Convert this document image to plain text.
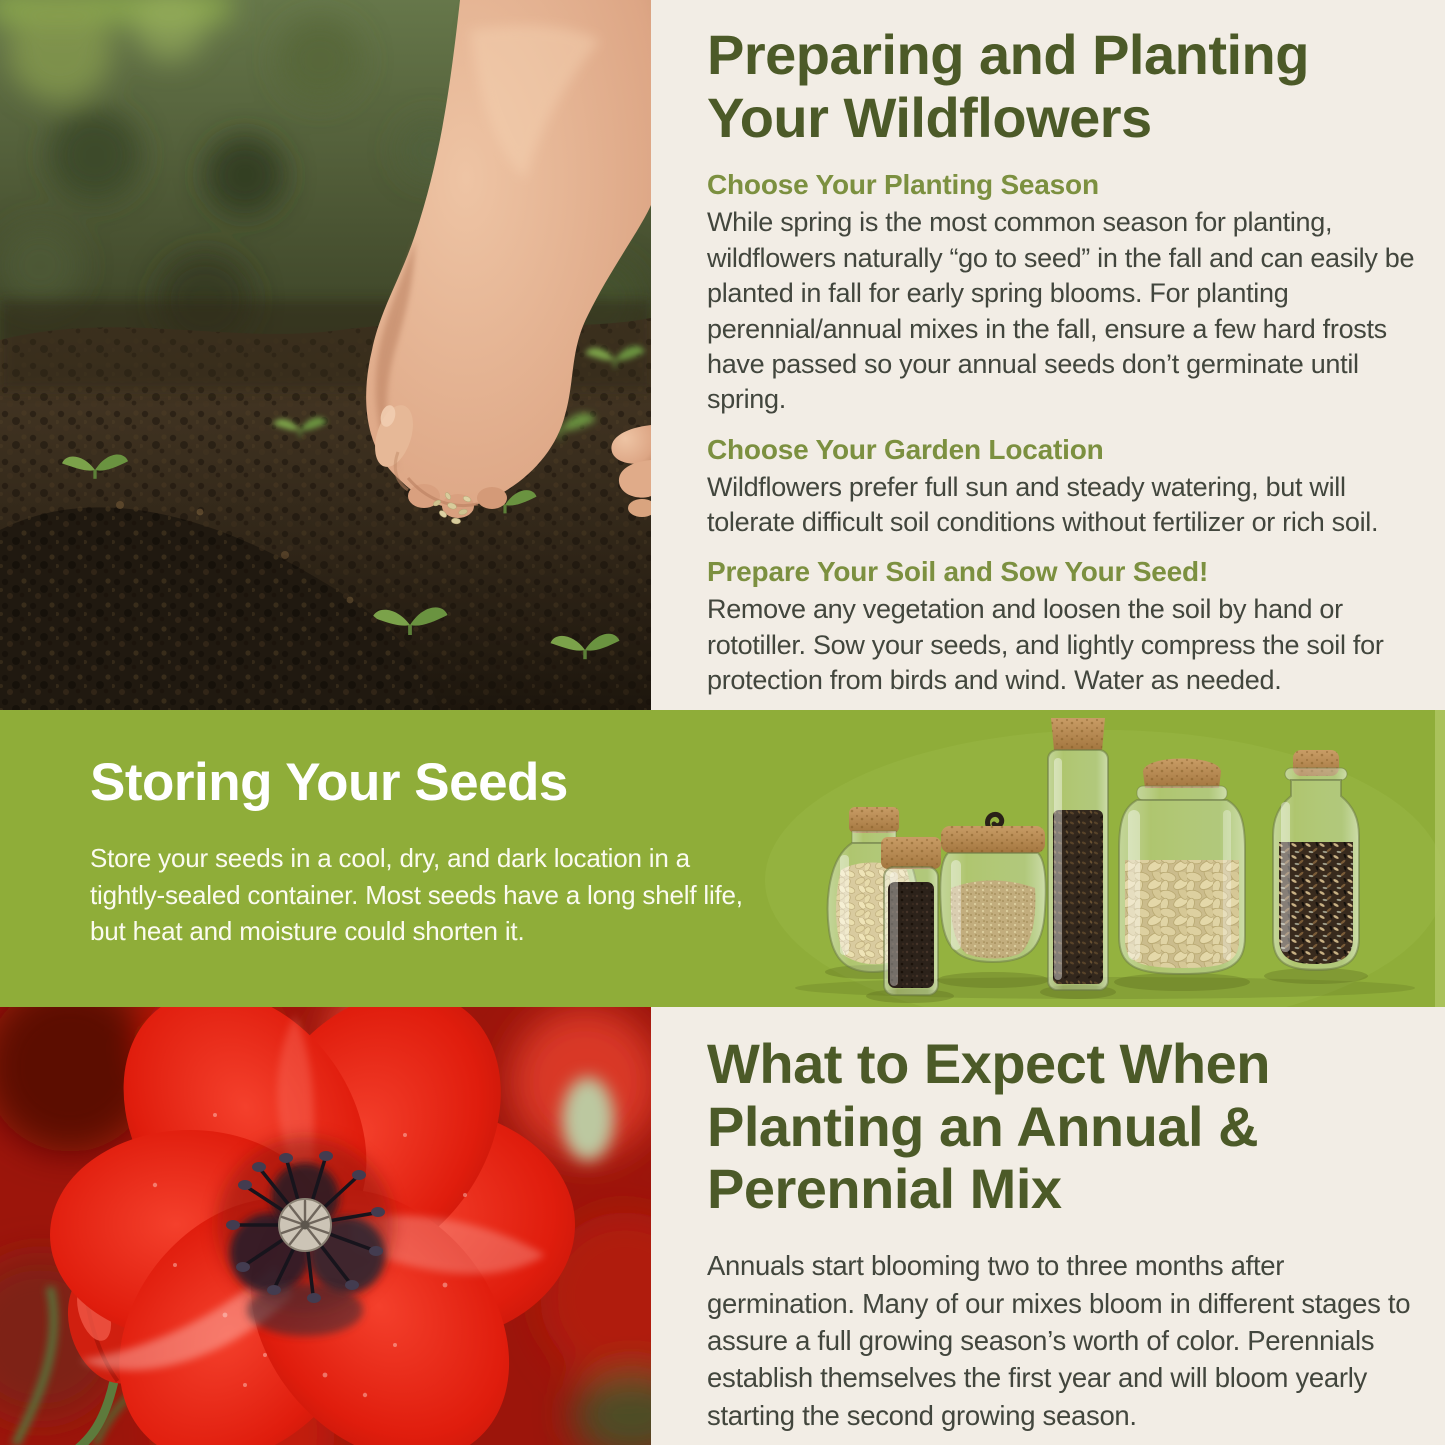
Preparing and Planting Your Wildflowers
Choose Your Planting Season

While spring is the most common season for planting, wildflowers naturally “go to seed” in the fall and can easily be planted in fall for early spring blooms. For planting perennial/annual mixes in the fall, ensure a few hard frosts have passed so your annual seeds don’t germinate until spring.

Choose Your Garden Location

Wildflowers prefer full sun and steady watering, but will tolerate difficult soil conditions without fertilizer or rich soil.

Prepare Your Soil and Sow Your Seed!

Remove any vegetation and loosen the soil by hand or rototiller. Sow your seeds, and lightly compress the soil for protection from birds and wind. Water as needed.

Storing Your Seeds

Store your seeds in a cool, dry, and dark location in a tightly-sealed container. Most seeds have a long shelf life, but heat and moisture could shorten it.

What to Expect When Planting an Annual & Perennial Mix

Annuals start blooming two to three months after germination. Many of our mixes bloom in different stages to assure a full growing season’s worth of color. Perennials establish themselves the first year and will bloom yearly starting the second growing season.
